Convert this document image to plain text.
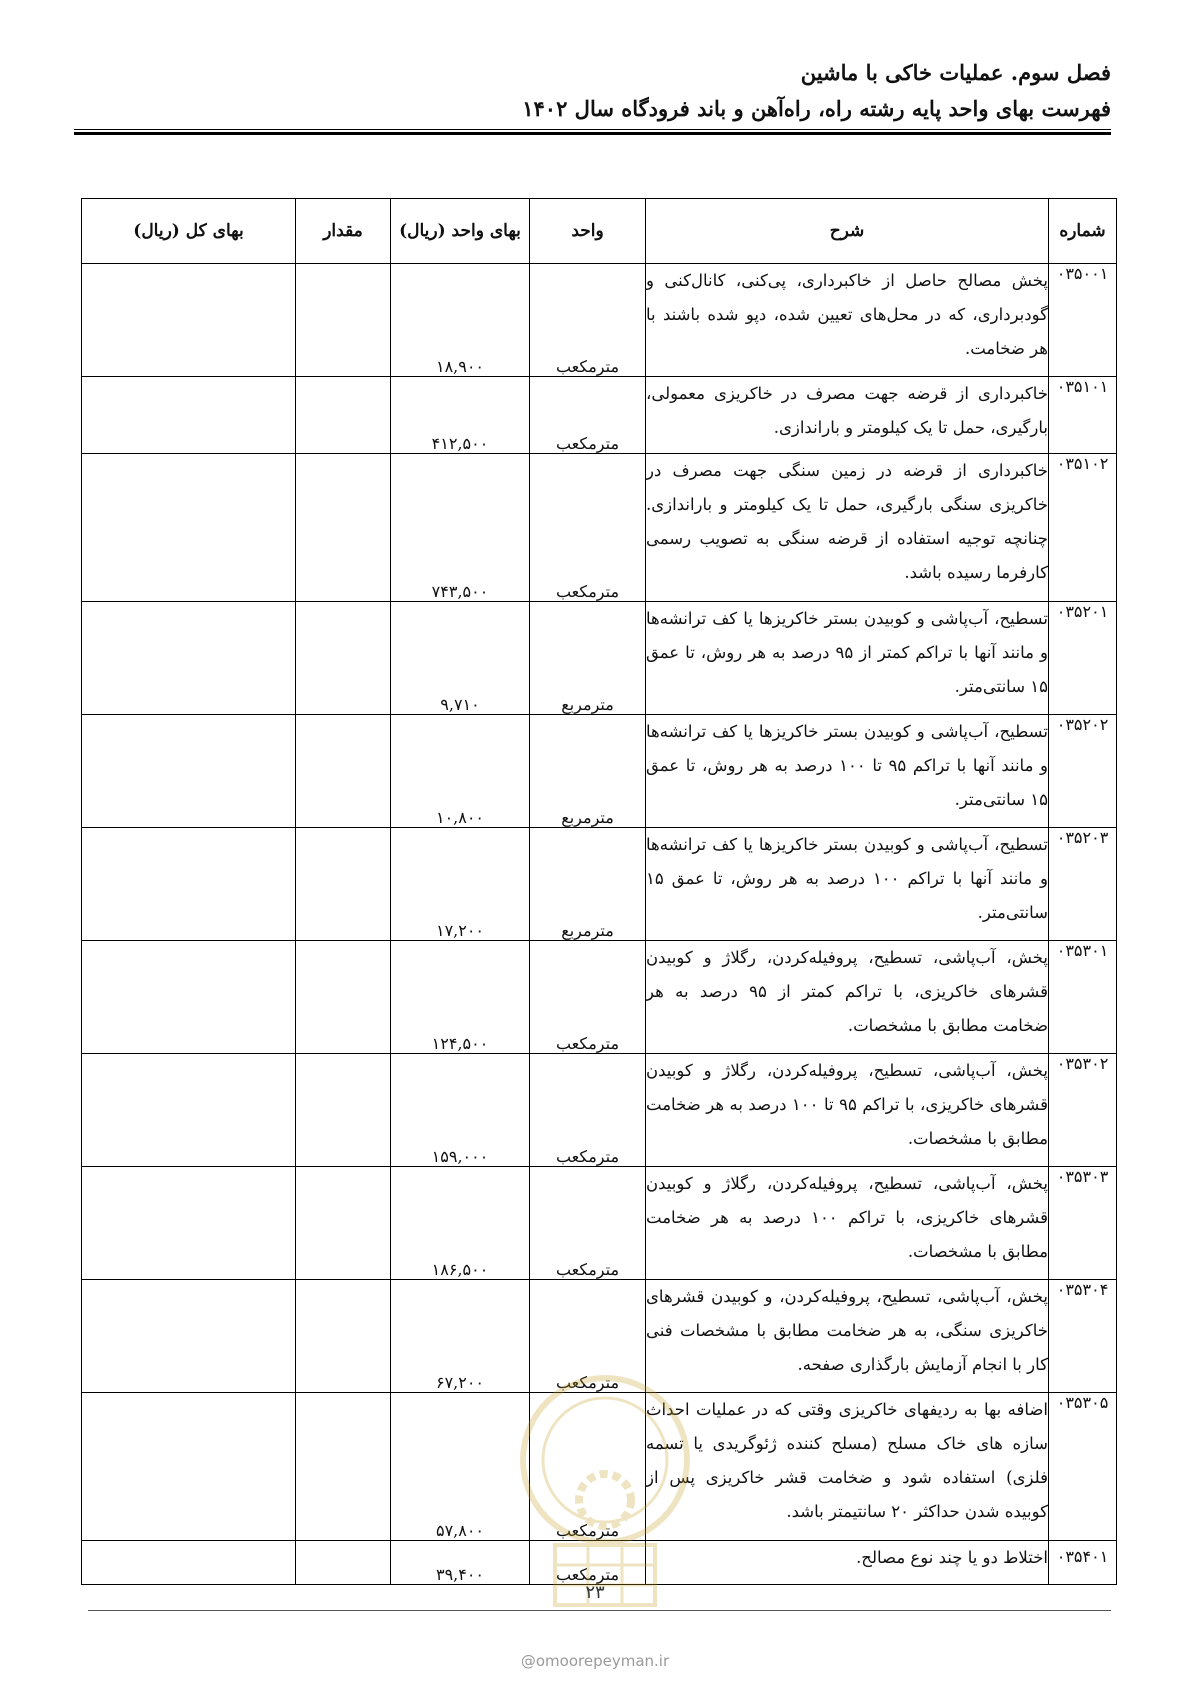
فصل سوم. عملیات خاکی با ماشین
فهرست بهای واحد پایه رشته راه، راه‌آهن و باند فرودگاه سال ۱۴۰۲
شماره	شرح	واحد	بهای واحد (ریال)	مقدار	بهای کل (ریال)
۰۳۵۰۰۱	پخش مصالح حاصل از خاکبرداری، پی‌کنی، کانال‌کنی و گودبرداری، که در محل‌های تعیین شده، دپو شده باشند با هر ضخامت.	مترمکعب	۱۸,۹۰۰		
۰۳۵۱۰۱	خاکبرداری از قرضه جهت مصرف در خاکریزی معمولی، بارگیری، حمل تا یک کیلومتر و باراندازی.	مترمکعب	۴۱۲,۵۰۰		
۰۳۵۱۰۲	خاکبرداری از قرضه در زمین سنگی جهت مصرف در خاکریزی سنگی بارگیری، حمل تا یک کیلومتر و باراندازی. چنانچه توجیه استفاده از قرضه سنگی به تصویب رسمی کارفرما رسیده باشد.	مترمکعب	۷۴۳,۵۰۰		
۰۳۵۲۰۱	تسطیح، آب‌پاشی و کوبیدن بستر خاکریزها یا کف ترانشه‌ها و مانند آنها با تراکم کمتر از ۹۵ درصد به هر روش، تا عمق ۱۵ سانتی‌متر.	مترمربع	۹,۷۱۰		
۰۳۵۲۰۲	تسطیح، آب‌پاشی و کوبیدن بستر خاکریزها یا کف ترانشه‌ها و مانند آنها با تراکم ۹۵ تا ۱۰۰ درصد به هر روش، تا عمق ۱۵ سانتی‌متر.	مترمربع	۱۰,۸۰۰		
۰۳۵۲۰۳	تسطیح، آب‌پاشی و کوبیدن بستر خاکریزها یا کف ترانشه‌ها و مانند آنها با تراکم ۱۰۰ درصد به هر روش، تا عمق ۱۵ سانتی‌متر.	مترمربع	۱۷,۲۰۰		
۰۳۵۳۰۱	پخش، آب‌پاشی، تسطیح، پروفیله‌کردن، رگلاژ و کوبیدن قشرهای خاکریزی، با تراکم کمتر از ۹۵ درصد به هر ضخامت مطابق با مشخصات.	مترمکعب	۱۲۴,۵۰۰		
۰۳۵۳۰۲	پخش، آب‌پاشی، تسطیح، پروفیله‌کردن، رگلاژ و کوبیدن قشرهای خاکریزی، با تراکم ۹۵ تا ۱۰۰ درصد به هر ضخامت مطابق با مشخصات.	مترمکعب	۱۵۹,۰۰۰		
۰۳۵۳۰۳	پخش، آب‌پاشی، تسطیح، پروفیله‌کردن، رگلاژ و کوبیدن قشرهای خاکریزی، با تراکم ۱۰۰ درصد به هر ضخامت مطابق با مشخصات.	مترمکعب	۱۸۶,۵۰۰		
۰۳۵۳۰۴	پخش، آب‌پاشی، تسطیح، پروفیله‌کردن، و کوبیدن قشرهای خاکریزی سنگی، به هر ضخامت مطابق با مشخصات فنی کار با انجام آزمایش بارگذاری صفحه.	مترمکعب	۶۷,۲۰۰		
۰۳۵۳۰۵	اضافه بها به ردیفهای خاکریزی وقتی که در عملیات احداث سازه های خاک مسلح (مسلح کننده ژئوگریدی یا تسمه فلزی) استفاده شود و ضخامت قشر خاکریزی پس از کوبیده شدن حداکثر ۲۰ سانتیمتر باشد.	مترمکعب	۵۷,۸۰۰		
۰۳۵۴۰۱	اختلاط دو یا چند نوع مصالح.	مترمکعب	۳۹,۴۰۰		
۲۳
@omoorepeyman.ir
